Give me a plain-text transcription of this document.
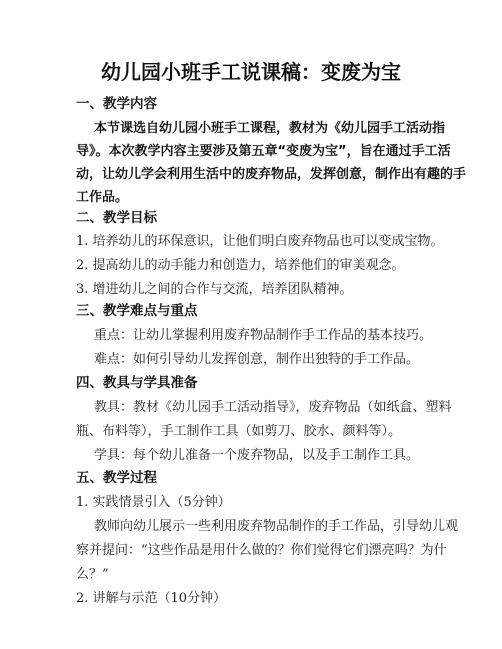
幼儿园小班手工说课稿：变废为宝
一、教学内容
本节课选自幼儿园小班手工课程，教材为《幼儿园手工活动指
导》。本次教学内容主要涉及第五章“变废为宝”，旨在通过手工活
动，让幼儿学会利用生活中的废弃物品，发挥创意，制作出有趣的手
工作品。
二、教学目标
1. 培养幼儿的环保意识，让他们明白废弃物品也可以变成宝物。
2. 提高幼儿的动手能力和创造力，培养他们的审美观念。
3. 增进幼儿之间的合作与交流，培养团队精神。
三、教学难点与重点
重点：让幼儿掌握利用废弃物品制作手工作品的基本技巧。
难点：如何引导幼儿发挥创意，制作出独特的手工作品。
四、教具与学具准备
教具：教材《幼儿园手工活动指导》，废弃物品（如纸盒、塑料
瓶、布料等），手工制作工具（如剪刀、胶水、颜料等）。
学具：每个幼儿准备一个废弃物品，以及手工制作工具。
五、教学过程
1. 实践情景引入（5分钟）
教师向幼儿展示一些利用废弃物品制作的手工作品，引导幼儿观
察并提问：“这些作品是用什么做的？你们觉得它们漂亮吗？为什
么？”
2. 讲解与示范（10分钟）
